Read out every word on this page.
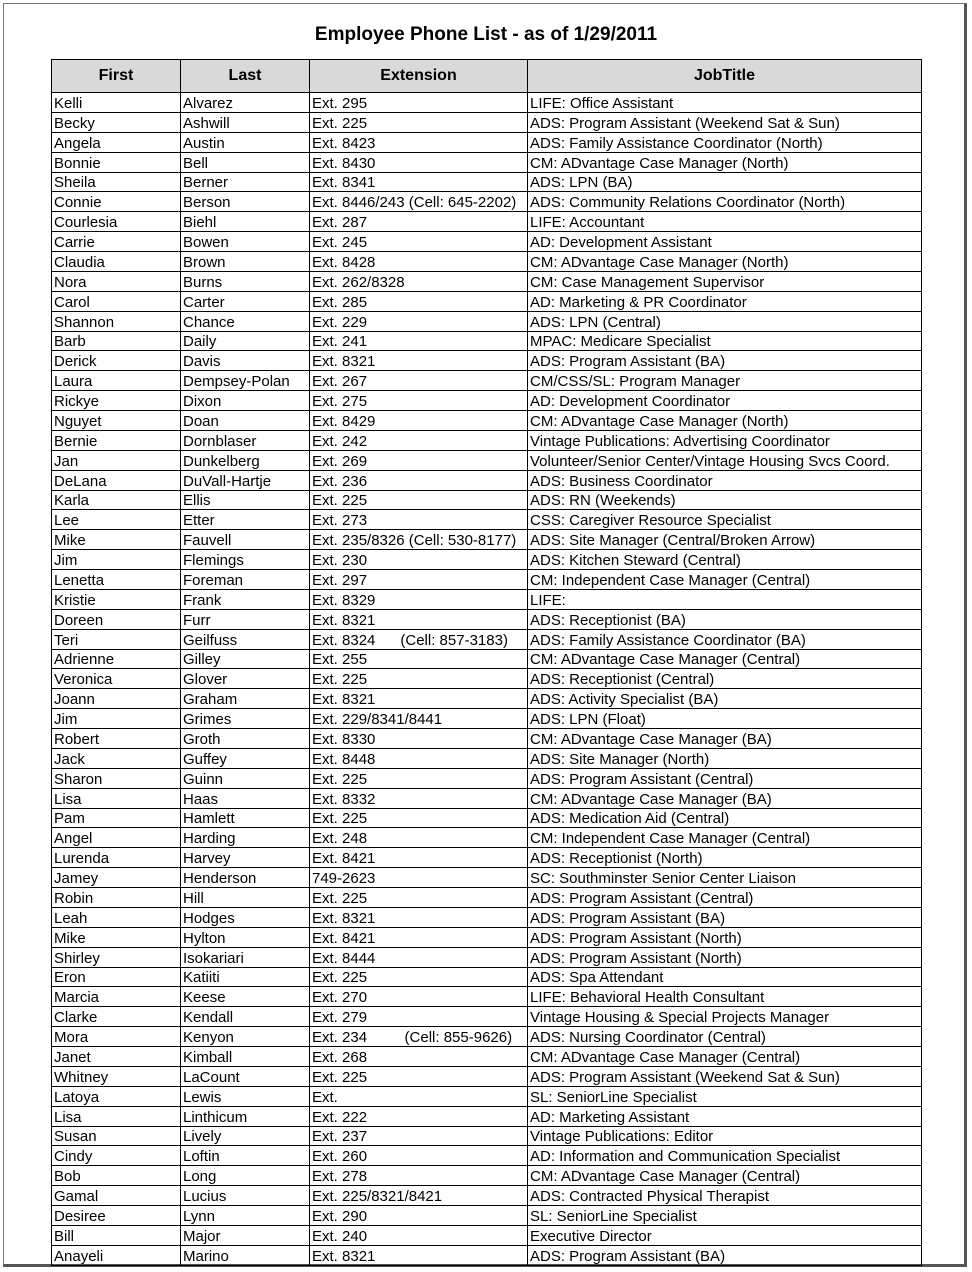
Employee Phone List - as of 1/29/2011
First	Last	Extension	JobTitle
Kelli	Alvarez	Ext. 295	LIFE: Office Assistant
Becky	Ashwill	Ext. 225	ADS: Program Assistant (Weekend Sat & Sun)
Angela	Austin	Ext. 8423	ADS: Family Assistance Coordinator (North)
Bonnie	Bell	Ext. 8430	CM: ADvantage Case Manager (North)
Sheila	Berner	Ext. 8341	ADS: LPN (BA)
Connie	Berson	Ext. 8446/243 (Cell: 645-2202)	ADS: Community Relations Coordinator (North)
Courlesia	Biehl	Ext. 287	LIFE: Accountant
Carrie	Bowen	Ext. 245	AD: Development Assistant
Claudia	Brown	Ext. 8428	CM: ADvantage Case Manager (North)
Nora	Burns	Ext. 262/8328	CM: Case Management Supervisor
Carol	Carter	Ext. 285	AD: Marketing & PR Coordinator
Shannon	Chance	Ext. 229	ADS: LPN (Central)
Barb	Daily	Ext. 241	MPAC: Medicare Specialist
Derick	Davis	Ext. 8321	ADS: Program Assistant (BA)
Laura	Dempsey-Polan	Ext. 267	CM/CSS/SL: Program Manager
Rickye	Dixon	Ext. 275	AD: Development Coordinator
Nguyet	Doan	Ext. 8429	CM: ADvantage Case Manager (North)
Bernie	Dornblaser	Ext. 242	Vintage Publications: Advertising Coordinator
Jan	Dunkelberg	Ext. 269	Volunteer/Senior Center/Vintage Housing Svcs Coord.
DeLana	DuVall-Hartje	Ext. 236	ADS: Business Coordinator
Karla	Ellis	Ext. 225	ADS: RN (Weekends)
Lee	Etter	Ext. 273	CSS: Caregiver Resource Specialist
Mike	Fauvell	Ext. 235/8326 (Cell: 530-8177)	ADS: Site Manager (Central/Broken Arrow)
Jim	Flemings	Ext. 230	ADS: Kitchen Steward (Central)
Lenetta	Foreman	Ext. 297	CM: Independent Case Manager (Central)
Kristie	Frank	Ext. 8329	LIFE:
Doreen	Furr	Ext. 8321	ADS: Receptionist (BA)
Teri	Geilfuss	Ext. 8324      (Cell: 857-3183)	ADS: Family Assistance Coordinator (BA)
Adrienne	Gilley	Ext. 255	CM: ADvantage Case Manager (Central)
Veronica	Glover	Ext. 225	ADS: Receptionist (Central)
Joann	Graham	Ext. 8321	ADS: Activity Specialist (BA)
Jim	Grimes	Ext. 229/8341/8441	ADS: LPN (Float)
Robert	Groth	Ext. 8330	CM: ADvantage Case Manager (BA)
Jack	Guffey	Ext. 8448	ADS: Site Manager (North)
Sharon	Guinn	Ext. 225	ADS: Program Assistant (Central)
Lisa	Haas	Ext. 8332	CM: ADvantage Case Manager (BA)
Pam	Hamlett	Ext. 225	ADS: Medication Aid (Central)
Angel	Harding	Ext. 248	CM: Independent Case Manager (Central)
Lurenda	Harvey	Ext. 8421	ADS: Receptionist (North)
Jamey	Henderson	749-2623	SC: Southminster Senior Center Liaison
Robin	Hill	Ext. 225	ADS: Program Assistant (Central)
Leah	Hodges	Ext. 8321	ADS: Program Assistant (BA)
Mike	Hylton	Ext. 8421	ADS: Program Assistant (North)
Shirley	Isokariari	Ext. 8444	ADS: Program Assistant (North)
Eron	Katiiti	Ext. 225	ADS: Spa Attendant
Marcia	Keese	Ext. 270	LIFE: Behavioral Health Consultant
Clarke	Kendall	Ext. 279	Vintage Housing & Special Projects Manager
Mora	Kenyon	Ext. 234         (Cell: 855-9626)	ADS: Nursing Coordinator (Central)
Janet	Kimball	Ext. 268	CM: ADvantage Case Manager (Central)
Whitney	LaCount	Ext. 225	ADS: Program Assistant (Weekend Sat & Sun)
Latoya	Lewis	Ext.	SL: SeniorLine Specialist
Lisa	Linthicum	Ext. 222	AD: Marketing Assistant
Susan	Lively	Ext. 237	Vintage Publications: Editor
Cindy	Loftin	Ext. 260	AD: Information and Communication Specialist
Bob	Long	Ext. 278	CM: ADvantage Case Manager (Central)
Gamal	Lucius	Ext. 225/8321/8421	ADS: Contracted Physical Therapist
Desiree	Lynn	Ext. 290	SL: SeniorLine Specialist
Bill	Major	Ext. 240	Executive Director
Anayeli	Marino	Ext. 8321	ADS: Program Assistant (BA)
